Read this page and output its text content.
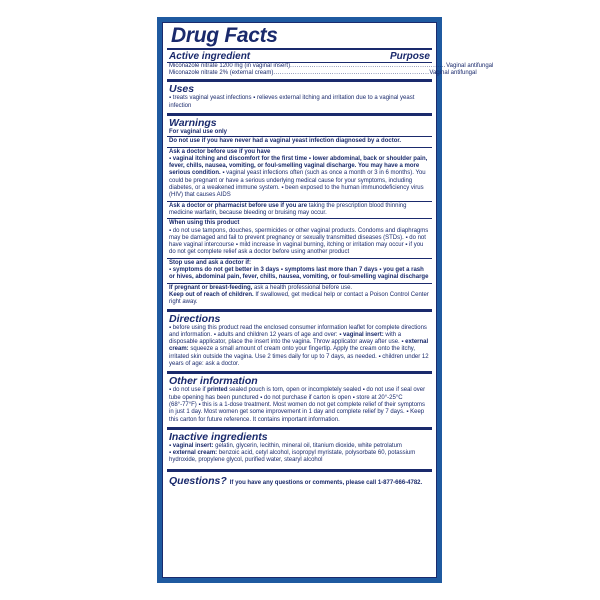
Drug Facts
Active ingredient	Purpose
Miconazole nitrate 1200 mg (in vaginal insert) ........................................................................ Vaginal antifungal
Miconazole nitrate 2% (external cream) ........................................................................ Vaginal antifungal
Uses
▪ treats vaginal yeast infections ▪ relieves external itching and irritation due to a vaginal yeast infection
Warnings
For vaginal use only
Do not use if you have never had a vaginal yeast infection diagnosed by a doctor.
Ask a doctor before use if you have
▪ vaginal itching and discomfort for the first time ▪ lower abdominal, back or shoulder pain, fever, chills, nausea, vomiting, or foul-smelling vaginal discharge. You may have a more serious condition. ▪ vaginal yeast infections often (such as once a month or 3 in 6 months). You could be pregnant or have a serious underlying medical cause for your symptoms, including diabetes, or a weakened immune system. ▪ been exposed to the human immunodeficiency virus (HIV) that causes AIDS
Ask a doctor or pharmacist before use if you are taking the prescription blood thinning medicine warfarin, because bleeding or bruising may occur.
When using this product
▪ do not use tampons, douches, spermicides or other vaginal products. Condoms and diaphragms may be damaged and fail to prevent pregnancy or sexually transmitted diseases (STDs). ▪ do not have vaginal intercourse ▪ mild increase in vaginal burning, itching or irritation may occur ▪ if you do not get complete relief ask a doctor before using another product
Stop use and ask a doctor if:
▪ symptoms do not get better in 3 days ▪ symptoms last more than 7 days ▪ you get a rash or hives, abdominal pain, fever, chills, nausea, vomiting, or foul-smelling vaginal discharge
If pregnant or breast-feeding, ask a health professional before use.
Keep out of reach of children. If swallowed, get medical help or contact a Poison Control Center right away.
Directions
▪ before using this product read the enclosed consumer information leaflet for complete directions and information. ▪ adults and children 12 years of age and over: ▪ vaginal insert: with a disposable applicator, place the insert into the vagina. Throw applicator away after use. ▪ external cream: squeeze a small amount of cream onto your fingertip. Apply the cream onto the itchy, irritated skin outside the vagina. Use 2 times daily for up to 7 days, as needed. ▪ children under 12 years of age: ask a doctor.
Other information
▪ do not use if printed sealed pouch is torn, open or incompletely sealed ▪ do not use if seal over tube opening has been punctured ▪ do not purchase if carton is open ▪ store at 20°-25°C (68°-77°F) ▪ this is a 1-dose treatment. Most women do not get complete relief of their symptoms in just 1 day. Most women get some improvement in 1 day and complete relief by 7 days. ▪ Keep this carton for future reference. It contains important information.
Inactive ingredients
▪ vaginal insert: gelatin, glycerin, lecithin, mineral oil, titanium dioxide, white petrolatum
▪ external cream: benzoic acid, cetyl alcohol, isopropyl myristate, polysorbate 60, potassium hydroxide, propylene glycol, purified water, stearyl alcohol
Questions? If you have any questions or comments, please call 1-877-666-4782.
